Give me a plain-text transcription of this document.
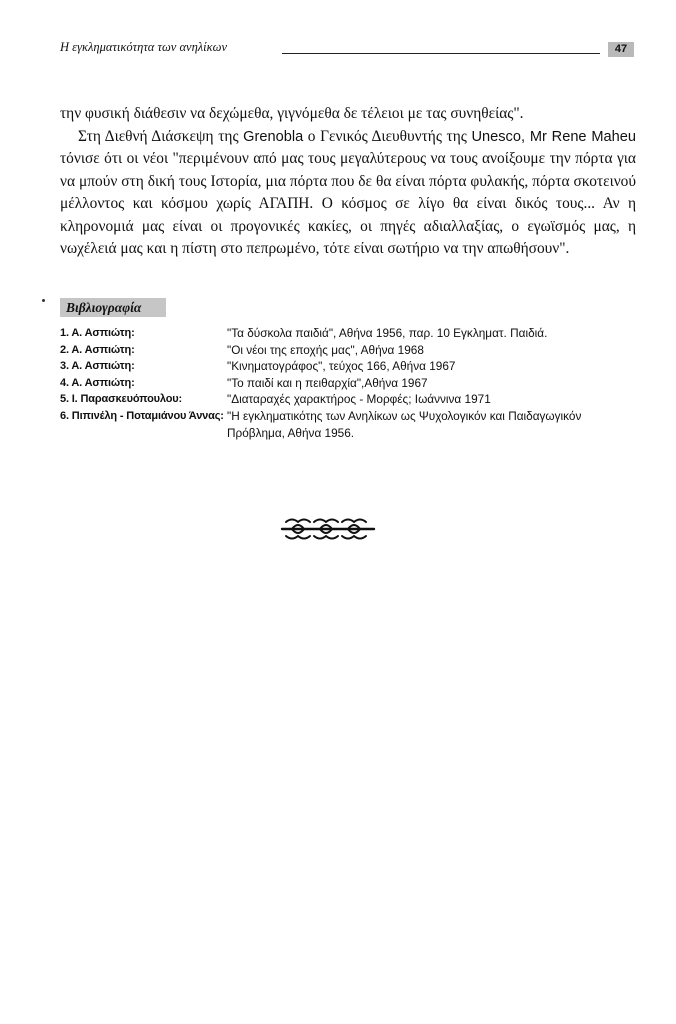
Η εγκληματικότητα των ανηλίκων	47

την φυσική διάθεσιν να δεχώμεθα, γιγνόμεθα δε τέλειοι με τας συνηθείας".

Στη Διεθνή Διάσκεψη της Grenobla ο Γενικός Διευθυντής της Unesco, Mr Rene Maheu τόνισε ότι οι νέοι "περιμένουν από μας τους μεγαλύτερους να τους ανοίξουμε την πόρτα για να μπούν στη δική τους Ιστορία, μια πόρτα που δε θα είναι πόρτα φυλακής, πόρτα σκοτεινού μέλλοντος και κόσμου χωρίς ΑΓΑΠΗ. Ο κόσμος σε λίγο θα είναι δικός τους... Αν η κληρονομιά μας είναι οι προγονικές κακίες, οι πηγές αδιαλλαξίας, ο εγωϊσμός μας, η νωχέλειά μας και η πίστη στο πεπρωμένο, τότε είναι σωτήριο να την απωθήσουν".

Βιβλιογραφία
1. Α. Ασπιώτη:	"Τα δύσκολα παιδιά", Αθήνα 1956, παρ. 10 Εγκληματ. Παιδιά.
2. Α. Ασπιώτη:	"Οι νέοι της εποχής μας", Αθήνα 1968
3. Α. Ασπιώτη:	"Κινηματογράφος", τεύχος 166, Αθήνα 1967
4. Α. Ασπιώτη:	"Το παιδί και η πειθαρχία",Αθήνα 1967
5. Ι. Παρασκευόπουλου:	"Διαταραχές χαρακτήρος - Μορφές; Ιωάννινα 1971
6. Πιπινέλη - Ποταμιάνου Άννας: "Η εγκληματικότης των Ανηλίκων ως Ψυχολογικόν και Παιδαγωγικόν Πρόβλημα, Αθήνα 1956.
